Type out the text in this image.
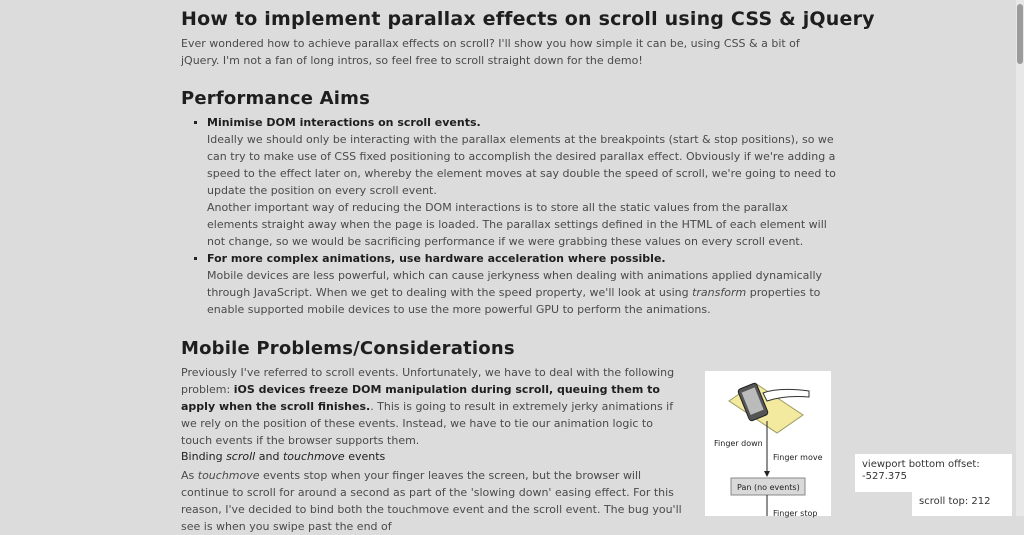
How to implement parallax effects on scroll using CSS & jQuery

Ever wondered how to achieve parallax effects on scroll? I'll show you how simple it can be, using CSS & a bit of jQuery. I'm not a fan of long intros, so feel free to scroll straight down for the demo!

Performance Aims
Minimise DOM interactions on scroll events.

Ideally we should only be interacting with the parallax elements at the breakpoints (start & stop positions), so we can try to make use of CSS fixed positioning to accomplish the desired parallax effect. Obviously if we're adding a speed to the effect later on, whereby the element moves at say double the speed of scroll, we're going to need to update the position on every scroll event.

Another important way of reducing the DOM interactions is to store all the static values from the parallax elements straight away when the page is loaded. The parallax settings defined in the HTML of each element will not change, so we would be sacrificing performance if we were grabbing these values on every scroll event.

For more complex animations, use hardware acceleration where possible.

Mobile devices are less powerful, which can cause jerkyness when dealing with animations applied dynamically through JavaScript. When we get to dealing with the speed property, we'll look at using transform properties to enable supported mobile devices to use the more powerful GPU to perform the animations.

Mobile Problems/Considerations

Previously I've referred to scroll events. Unfortunately, we have to deal with the following problem: iOS devices freeze DOM manipulation during scroll, queuing them to apply when the scroll finishes.. This is going to result in extremely jerky animations if we rely on the position of these events. Instead, we have to tie our animation logic to touch events if the browser supports them.

Binding scroll and touchmove events

As touchmove events stop when your finger leaves the screen, but the browser will continue to scroll for around a second as part of the 'slowing down' easing effect. For this reason, I've decided to bind both the touchmove event and the scroll event. The bug you'll see is when you swipe past the end of

Finger down
Finger move
Pan (no events)
Finger stop
viewport bottom offset:
-527.375
scroll top: 212
